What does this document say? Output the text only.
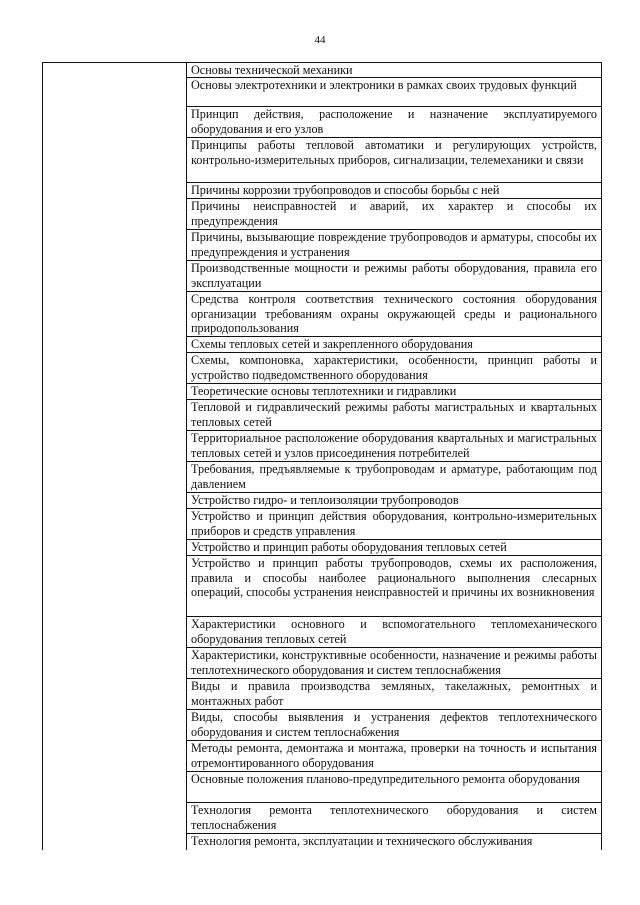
44
	Основы технической механики
Основы электротехники и электроники в рамках своих трудовых функций
Принцип действия, расположение и назначение эксплуатируемого оборудования и его узлов
Принципы работы тепловой автоматики и регулирующих устройств, контрольно-измерительных приборов, сигнализации, телемеханики и связи
Причины коррозии трубопроводов и способы борьбы с ней
Причины неисправностей и аварий, их характер и способы их предупреждения
Причины, вызывающие повреждение трубопроводов и арматуры, способы их предупреждения и устранения
Производственные мощности и режимы работы оборудования, правила его эксплуатации
Средства контроля соответствия технического состояния оборудования организации требованиям охраны окружающей среды и рационального природопользования
Схемы тепловых сетей и закрепленного оборудования
Схемы, компоновка, характеристики, особенности, принцип работы и устройство подведомственного оборудования
Теоретические основы теплотехники и гидравлики
Тепловой и гидравлический режимы работы магистральных и квартальных тепловых сетей
Территориальное расположение оборудования квартальных и магистральных тепловых сетей и узлов присоединения потребителей
Требования, предъявляемые к трубопроводам и арматуре, работающим под давлением
Устройство гидро- и теплоизоляции трубопроводов
Устройство и принцип действия оборудования, контрольно-измерительных приборов и средств управления
Устройство и принцип работы оборудования тепловых сетей
Устройство и принцип работы трубопроводов, схемы их расположения, правила и способы наиболее рационального выполнения слесарных операций, способы устранения неисправностей и причины их возникновения
Характеристики основного и вспомогательного тепломеханического оборудования тепловых сетей
Характеристики, конструктивные особенности, назначение и режимы работы теплотехнического оборудования и систем теплоснабжения
Виды и правила производства земляных, такелажных, ремонтных и монтажных работ
Виды, способы выявления и устранения дефектов теплотехнического оборудования и систем теплоснабжения
Методы ремонта, демонтажа и монтажа, проверки на точность и испытания отремонтированного оборудования
Основные положения планово-предупредительного ремонта оборудования
Технология ремонта теплотехнического оборудования и систем теплоснабжения
Технология ремонта, эксплуатации и технического обслуживания
